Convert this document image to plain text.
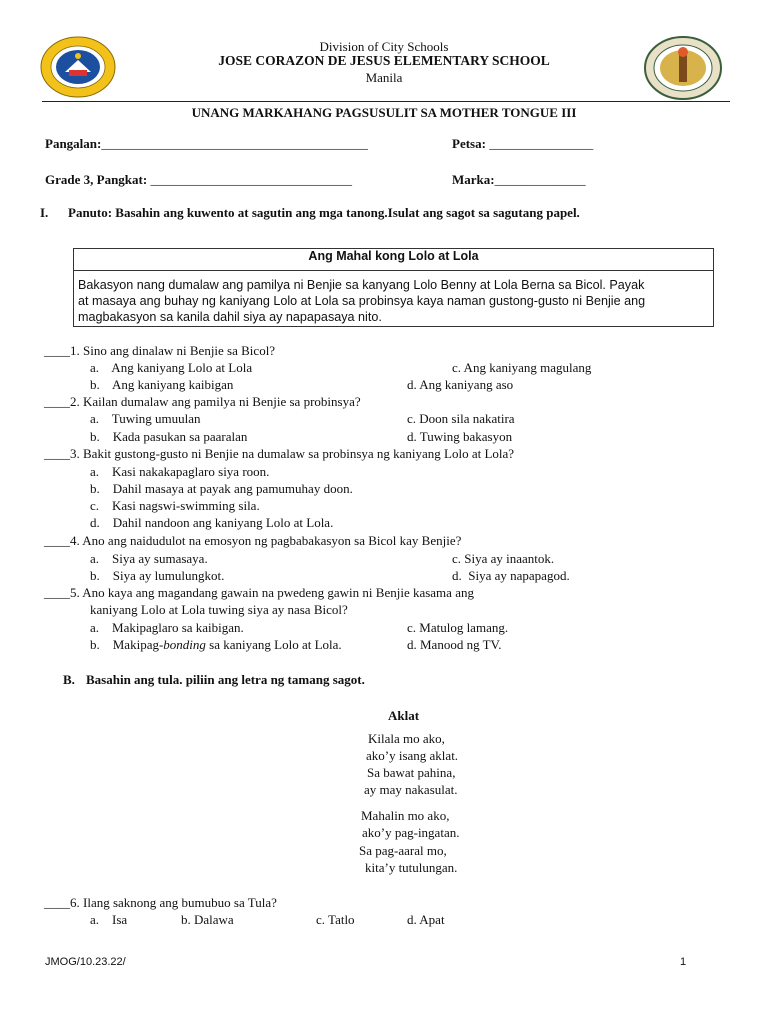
Division of City Schools
JOSE CORAZON DE JESUS ELEMENTARY SCHOOL
Manila
UNANG MARKAHANG PAGSUSULIT SA MOTHER TONGUE III
Pangalan:_________________________________________	Petsa: ________________
Grade 3, Pangkat: _______________________________	Marka:______________
I. Panuto: Basahin ang kuwento at sagutin ang mga tanong.Isulat ang sagot sa sagutang papel.
Ang Mahal kong Lolo at Lola
Bakasyon nang dumalaw ang pamilya ni Benjie sa kanyang Lolo Benny at Lola Berna sa Bicol. Payak
at masaya ang buhay ng kaniyang Lolo at Lola sa probinsya kaya naman gustong-gusto ni Benjie ang
magbakasyon sa kanila dahil siya ay napapasaya nito.
____1. Sino ang dinalaw ni Benjie sa Bicol?
a.    Ang kaniyang Lolo at Lola
b.    Ang kaniyang kaibigan
c. Ang kaniyang magulang
d. Ang kaniyang aso
____2. Kailan dumalaw ang pamilya ni Benjie sa probinsya?
a.    Tuwing umuulan
b.    Kada pasukan sa paaralan
c. Doon sila nakatira
d. Tuwing bakasyon
____3. Bakit gustong-gusto ni Benjie na dumalaw sa probinsya ng kaniyang Lolo at Lola?
a.    Kasi nakakapaglaro siya roon.
b.    Dahil masaya at payak ang pamumuhay doon.
c.    Kasi nagswi-swimming sila.
d.    Dahil nandoon ang kaniyang Lolo at Lola.
____4. Ano ang naidudulot na emosyon ng pagbabakasyon sa Bicol kay Benjie?
a.    Siya ay sumasaya.
b.    Siya ay lumulungkot.
c. Siya ay inaantok.
d.  Siya ay napapagod.
____5. Ano kaya ang magandang gawain na pwedeng gawin ni Benjie kasama ang
kaniyang Lolo at Lola tuwing siya ay nasa Bicol?
a.    Makipaglaro sa kaibigan.
b.    Makipag-bonding sa kaniyang Lolo at Lola.
c. Matulog lamang.
d. Manood ng TV.
B. Basahin ang tula. piliin ang letra ng tamang sagot.
Aklat
Kilala mo ako,
ako’y isang aklat.
Sa bawat pahina,
ay may nakasulat.
Mahalin mo ako,
ako’y pag-ingatan.
Sa pag-aaral mo,
kita’y tutulungan.
____6. Ilang saknong ang bumubuo sa Tula?
a.    Isa	b. Dalawa	c. Tatlo	d. Apat
JMOG/10.23.22/	1
